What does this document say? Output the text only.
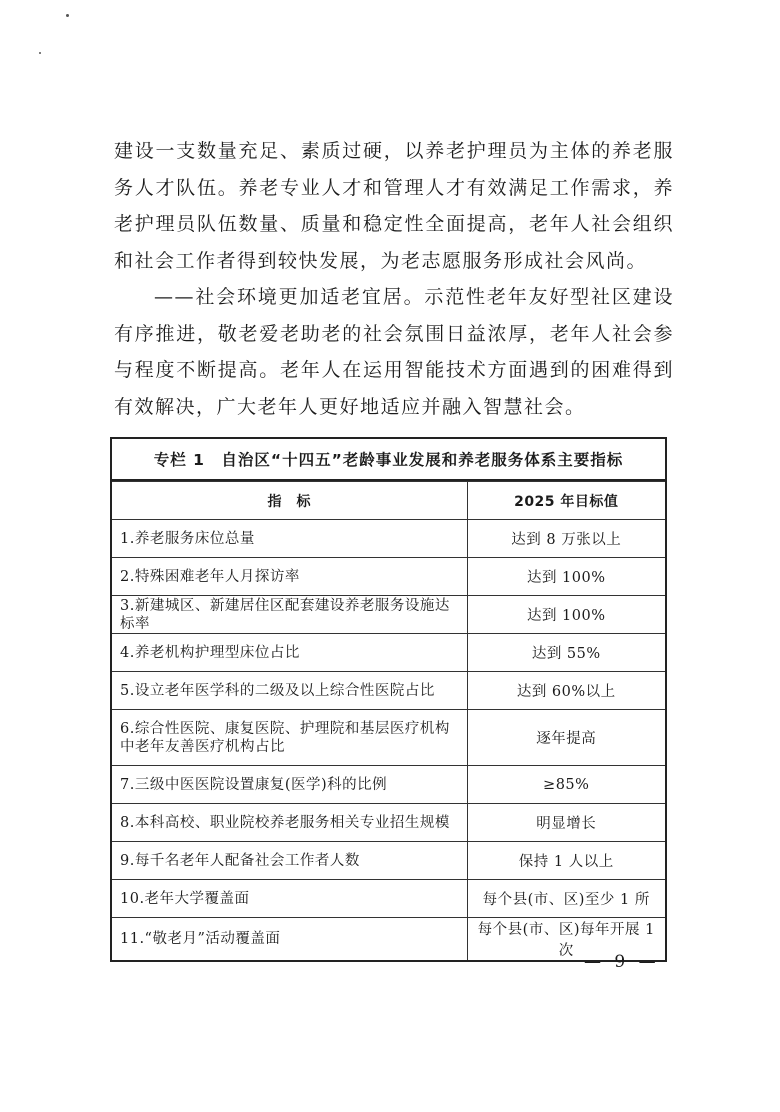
建设一支数量充足、素质过硬，以养老护理员为主体的养老服务人才队伍。养老专业人才和管理人才有效满足工作需求，养老护理员队伍数量、质量和稳定性全面提高，老年人社会组织和社会工作者得到较快发展，为老志愿服务形成社会风尚。

——社会环境更加适老宜居。示范性老年友好型社区建设有序推进，敬老爱老助老的社会氛围日益浓厚，老年人社会参与程度不断提高。老年人在运用智能技术方面遇到的困难得到有效解决，广大老年人更好地适应并融入智慧社会。

专栏 1　自治区“十四五”老龄事业发展和养老服务体系主要指标
指　标	2025 年目标值
1.养老服务床位总量	达到 8 万张以上
2.特殊困难老年人月探访率	达到 100%
3.新建城区、新建居住区配套建设养老服务设施达标率	达到 100%
4.养老机构护理型床位占比	达到 55%
5.设立老年医学科的二级及以上综合性医院占比	达到 60%以上
6.综合性医院、康复医院、护理院和基层医疗机构中老年友善医疗机构占比	逐年提高
7.三级中医医院设置康复(医学)科的比例	≥85%
8.本科高校、职业院校养老服务相关专业招生规模	明显增长
9.每千名老年人配备社会工作者人数	保持 1 人以上
10.老年大学覆盖面	每个县(市、区)至少 1 所
11.“敬老月”活动覆盖面	每个县(市、区)每年开展 1 次
— 9 —
